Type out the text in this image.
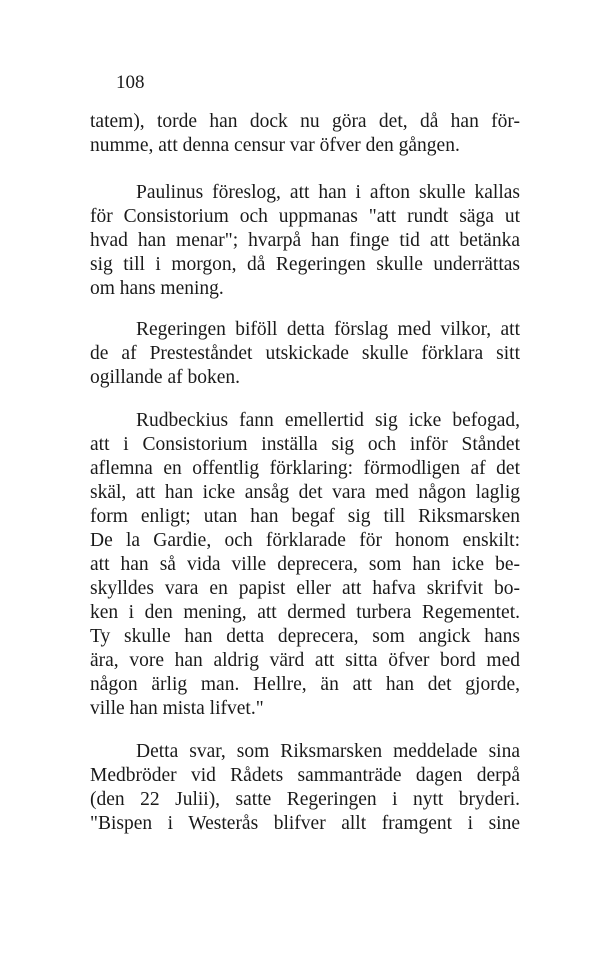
108
tatem), torde han dock nu göra det, då han för-
numme, att denna censur var öfver den gången.
Paulinus föreslog, att han i afton skulle kallas
för Consistorium och uppmanas "att rundt säga ut
hvad han menar"; hvarpå han finge tid att betänka
sig till i morgon, då Regeringen skulle underrättas
om hans mening.
Regeringen biföll detta förslag med vilkor, att
de af Presteståndet utskickade skulle förklara sitt
ogillande af boken.
Rudbeckius fann emellertid sig icke befogad,
att i Consistorium inställa sig och inför Ståndet
aflemna en offentlig förklaring: förmodligen af det
skäl, att han icke ansåg det vara med någon laglig
form enligt; utan han begaf sig till Riksmarsken
De la Gardie, och förklarade för honom enskilt:
att han så vida ville deprecera, som han icke be-
skylldes vara en papist eller att hafva skrifvit bo-
ken i den mening, att dermed turbera Regementet.
Ty skulle han detta deprecera, som angick hans
ära, vore han aldrig värd att sitta öfver bord med
någon ärlig man. Hellre, än att han det gjorde,
ville han mista lifvet."
Detta svar, som Riksmarsken meddelade sina
Medbröder vid Rådets sammanträde dagen derpå
(den 22 Julii), satte Regeringen i nytt bryderi.
"Bispen i Westerås blifver allt framgent i sine
